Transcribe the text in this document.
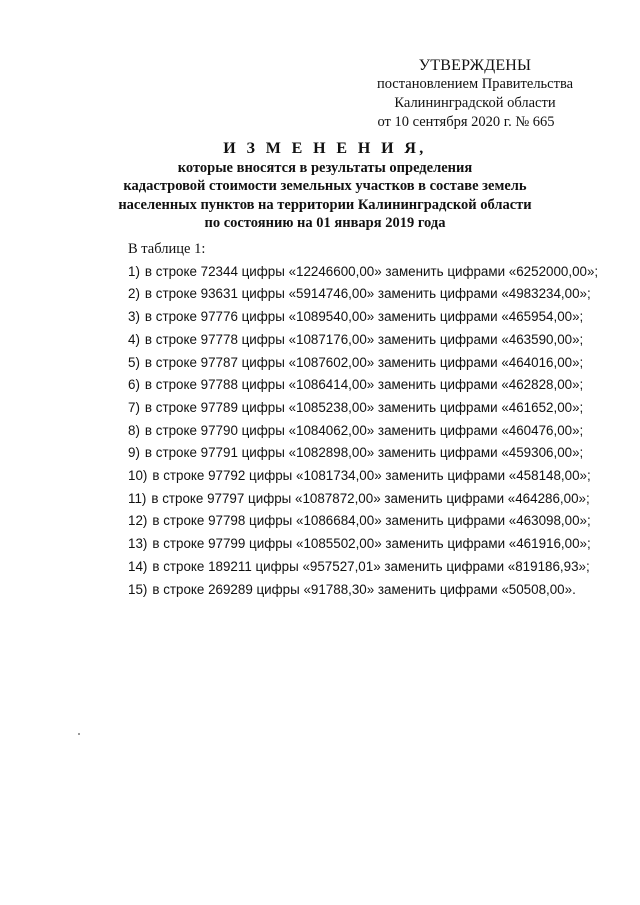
УТВЕРЖДЕНЫ
постановлением Правительства
Калининградской области
от 10 сентября 2020 г. № 665
И З М Е Н Е Н И Я,
которые вносятся в результаты определения
кадастровой стоимости земельных участков в составе земель
населенных пунктов на территории Калининградской области
по состоянию на 01 января 2019 года
В таблице 1:
1) в строке 72344 цифры «12246600,00» заменить цифрами «6252000,00»;
2) в строке 93631 цифры «5914746,00» заменить цифрами «4983234,00»;
3) в строке 97776 цифры «1089540,00» заменить цифрами «465954,00»;
4) в строке 97778 цифры «1087176,00» заменить цифрами «463590,00»;
5) в строке 97787 цифры «1087602,00» заменить цифрами «464016,00»;
6) в строке 97788 цифры «1086414,00» заменить цифрами «462828,00»;
7) в строке 97789 цифры «1085238,00» заменить цифрами «461652,00»;
8) в строке 97790 цифры «1084062,00» заменить цифрами «460476,00»;
9) в строке 97791 цифры «1082898,00» заменить цифрами «459306,00»;
10) в строке 97792 цифры «1081734,00» заменить цифрами «458148,00»;
11) в строке 97797 цифры «1087872,00» заменить цифрами «464286,00»;
12) в строке 97798 цифры «1086684,00» заменить цифрами «463098,00»;
13) в строке 97799 цифры «1085502,00» заменить цифрами «461916,00»;
14) в строке 189211 цифры «957527,01» заменить цифрами «819186,93»;
15) в строке 269289 цифры «91788,30» заменить цифрами «50508,00».
